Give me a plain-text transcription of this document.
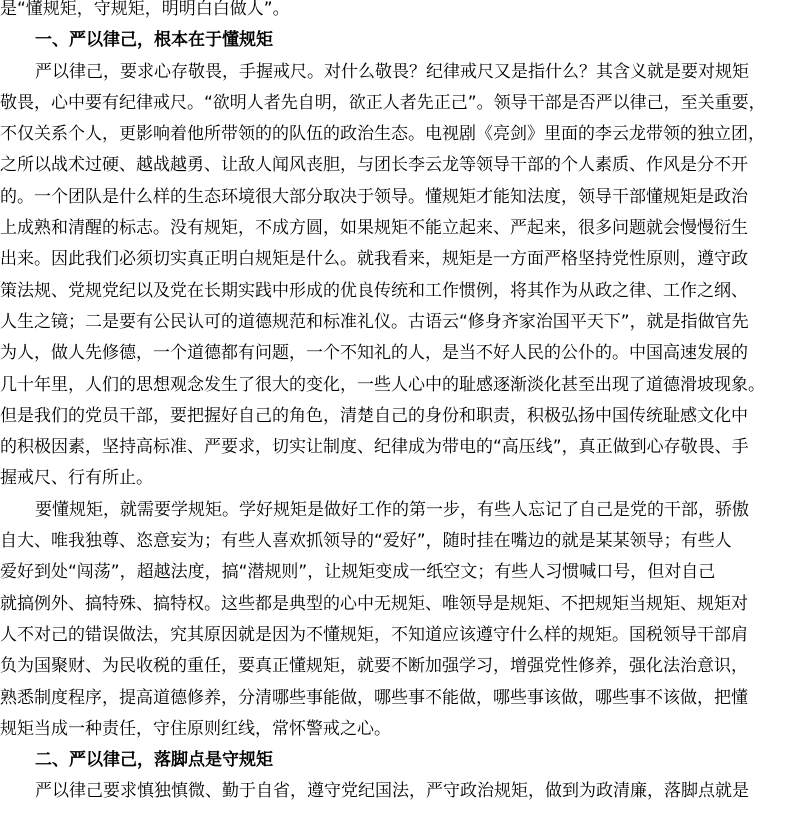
是“懂规矩，守规矩，明明白白做人”。
一、严以律己，根本在于懂规矩
严以律己，要求心存敬畏，手握戒尺。对什么敬畏？纪律戒尺又是指什么？其含义就是要对规矩
敬畏，心中要有纪律戒尺。“欲明人者先自明，欲正人者先正己”。领导干部是否严以律己，至关重要，
不仅关系个人，更影响着他所带领的的队伍的政治生态。电视剧《亮剑》里面的李云龙带领的独立团，
之所以战术过硬、越战越勇、让敌人闻风丧胆，与团长李云龙等领导干部的个人素质、作风是分不开
的。一个团队是什么样的生态环境很大部分取决于领导。懂规矩才能知法度，领导干部懂规矩是政治
上成熟和清醒的标志。没有规矩，不成方圆，如果规矩不能立起来、严起来，很多问题就会慢慢衍生
出来。因此我们必须切实真正明白规矩是什么。就我看来，规矩是一方面严格坚持党性原则，遵守政
策法规、党规党纪以及党在长期实践中形成的优良传统和工作惯例，将其作为从政之律、工作之纲、
人生之镜；二是要有公民认可的道德规范和标准礼仪。古语云“修身齐家治国平天下”，就是指做官先
为人，做人先修德，一个道德都有问题，一个不知礼的人，是当不好人民的公仆的。中国高速发展的
几十年里，人们的思想观念发生了很大的变化，一些人心中的耻感逐渐淡化甚至出现了道德滑坡现象。
但是我们的党员干部，要把握好自己的角色，清楚自己的身份和职责，积极弘扬中国传统耻感文化中
的积极因素，坚持高标准、严要求，切实让制度、纪律成为带电的“高压线”，真正做到心存敬畏、手
握戒尺、行有所止。
要懂规矩，就需要学规矩。学好规矩是做好工作的第一步，有些人忘记了自己是党的干部，骄傲
自大、唯我独尊、恣意妄为；有些人喜欢抓领导的“爱好”，随时挂在嘴边的就是某某领导；有些人
爱好到处“闯荡”，超越法度，搞“潜规则”，让规矩变成一纸空文；有些人习惯喊口号，但对自己
就搞例外、搞特殊、搞特权。这些都是典型的心中无规矩、唯领导是规矩、不把规矩当规矩、规矩对
人不对己的错误做法，究其原因就是因为不懂规矩，不知道应该遵守什么样的规矩。国税领导干部肩
负为国聚财、为民收税的重任，要真正懂规矩，就要不断加强学习，增强党性修养，强化法治意识，
熟悉制度程序，提高道德修养，分清哪些事能做，哪些事不能做，哪些事该做，哪些事不该做，把懂
规矩当成一种责任，守住原则红线，常怀警戒之心。
二、严以律己，落脚点是守规矩
严以律己要求慎独慎微、勤于自省，遵守党纪国法，严守政治规矩，做到为政清廉，落脚点就是
